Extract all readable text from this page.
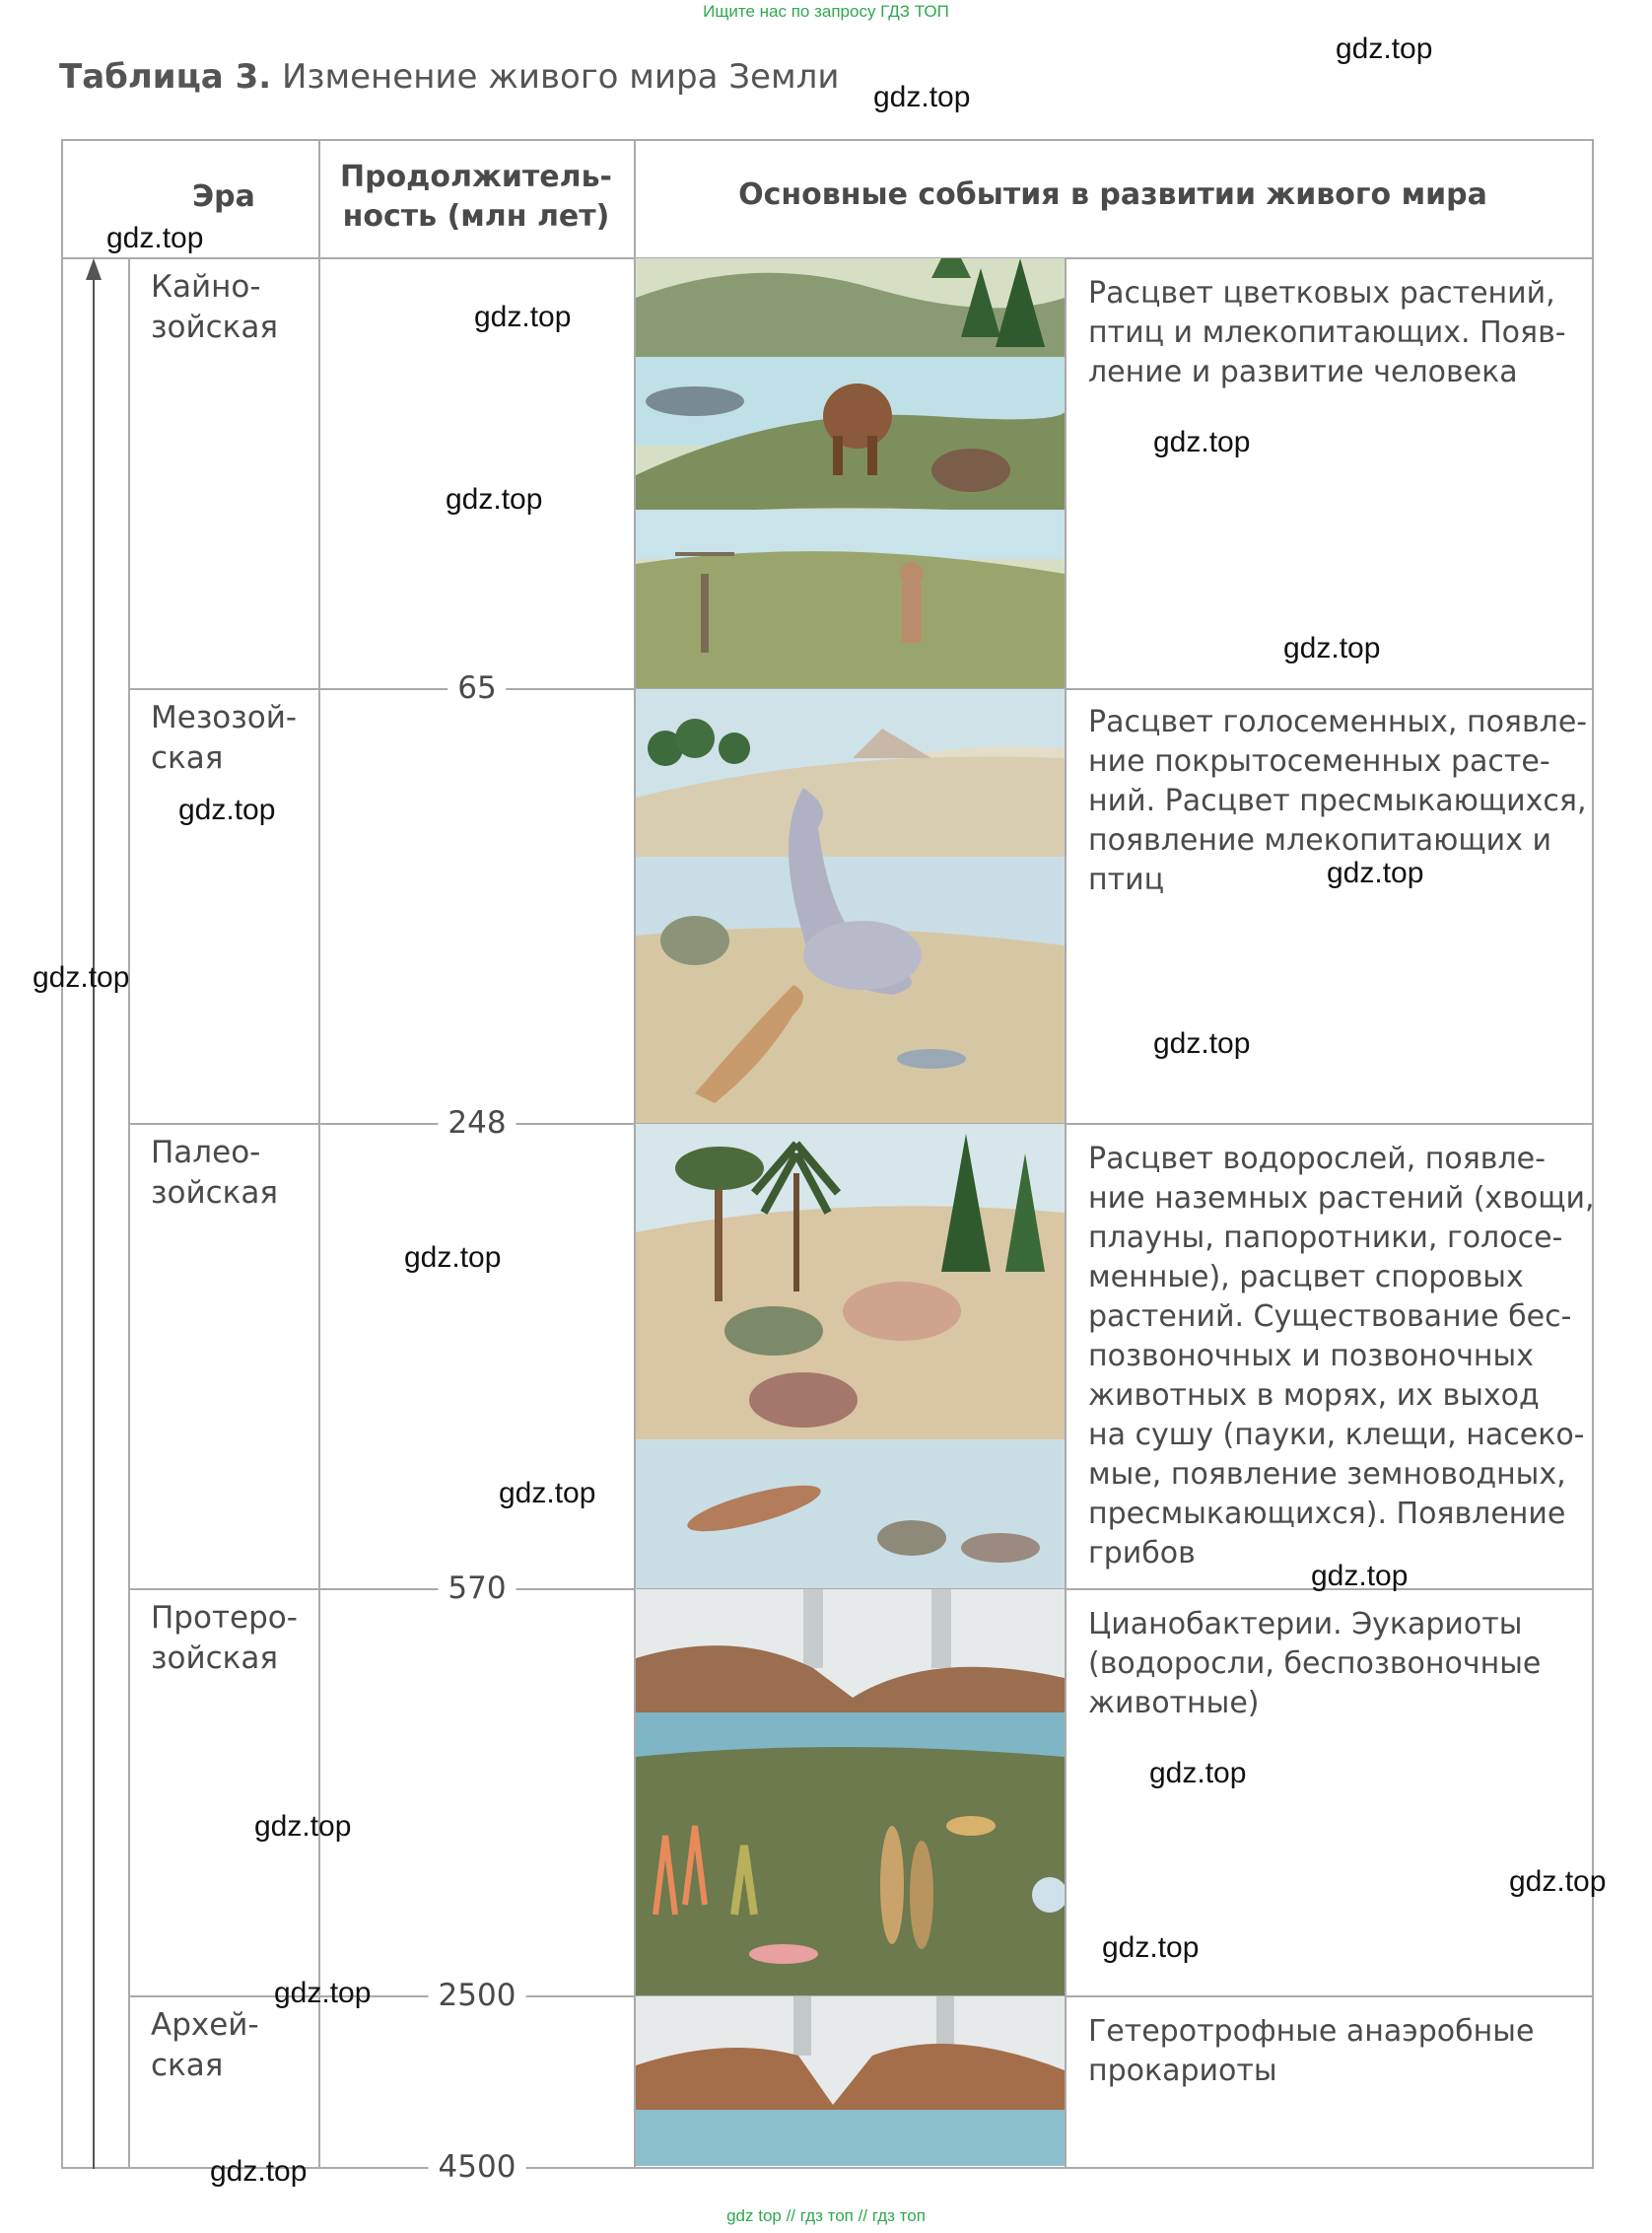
Ищите нас по запросу ГДЗ ТОП
gdz top // гдз топ // гдз топ
Таблица 3. Изменение живого мира Земли
Эра
Продолжитель-
ность (млн лет)
Основные события в развитии живого мира
Кайно-
зойская
Мезозой-
ская
Палео-
зойская
Протеро-
зойская
Архей-
ская
Расцвет цветковых растений,
птиц и млекопитающих. Появ-
ление и развитие человека
Расцвет голосеменных, появле-
ние покрытосеменных расте-
ний. Расцвет пресмыкающихся,
появление млекопитающих и
птиц
Расцвет водорослей, появле-
ние наземных растений (хвощи,
плауны, папоротники, голосе-
менные), расцвет споровых
растений. Существование бес-
позвоночных и позвоночных
животных в морях, их выход
на сушу (пауки, клещи, насеко-
мые, появление земноводных,
пресмыкающихся). Появление
грибов
Цианобактерии. Эукариоты
(водоросли, беспозвоночные
животные)
Гетеротрофные анаэробные
прокариоты
65
248
570
2500
4500
gdz.top
gdz.top
gdz.top
gdz.top
gdz.top
gdz.top
gdz.top
gdz.top
gdz.top
gdz.top
gdz.top
gdz.top
gdz.top
gdz.top
gdz.top
gdz.top
gdz.top
gdz.top
gdz.top
gdz.top
